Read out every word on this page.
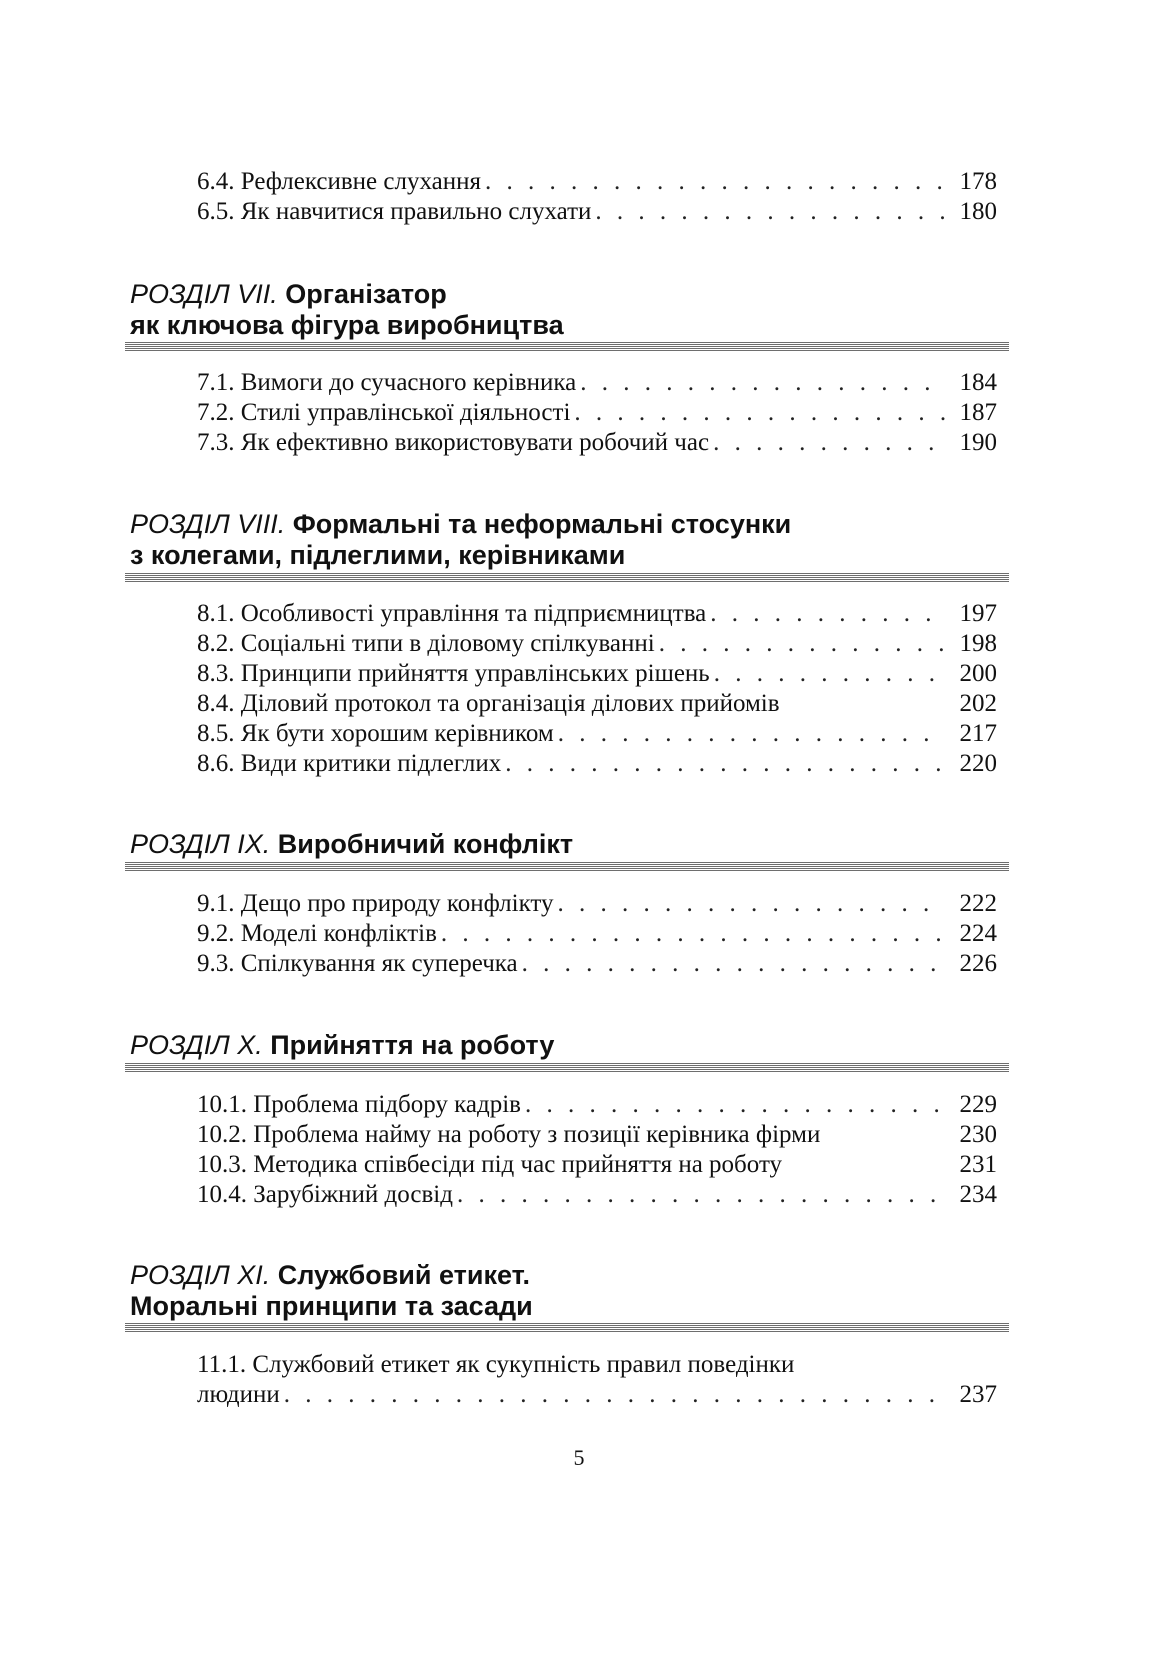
6.4. Рефлексивне слухання . . .	178
6.5. Як навчитися правильно слухати . . .	180
РОЗДІЛ VII. Організатор
як ключова фігура виробництва
7.1. Вимоги до сучасного керівника . . .	184
7.2. Стилі управлінської діяльності . . .	187
7.3. Як ефективно використовувати робочий час . . .	190
РОЗДІЛ VIII. Формальні та неформальні стосунки
з колегами, підлеглими, керівниками
8.1. Особливості управління та підприємництва . . .	197
8.2. Соціальні типи в діловому спілкуванні . . .	198
8.3. Принципи прийняття управлінських рішень . . .	200
8.4. Діловий протокол та організація ділових прийомів	202
8.5. Як бути хорошим керівником . . .	217
8.6. Види критики підлеглих . . .	220
РОЗДІЛ IX. Виробничий конфлікт
9.1. Дещо про природу конфлікту . . .	222
9.2. Моделі конфліктів . . .	224
9.3. Спілкування як суперечка . . .	226
РОЗДІЛ X. Прийняття на роботу
10.1. Проблема підбору кадрів . . .	229
10.2. Проблема найму на роботу з позиції керівника фірми	230
10.3. Методика співбесіди під час прийняття на роботу	231
10.4. Зарубіжний досвід . . .	234
РОЗДІЛ XI. Службовий етикет.
Моральні принципи та засади
11.1. Службовий етикет як сукупність правил поведінки
людини . . .	237
5
